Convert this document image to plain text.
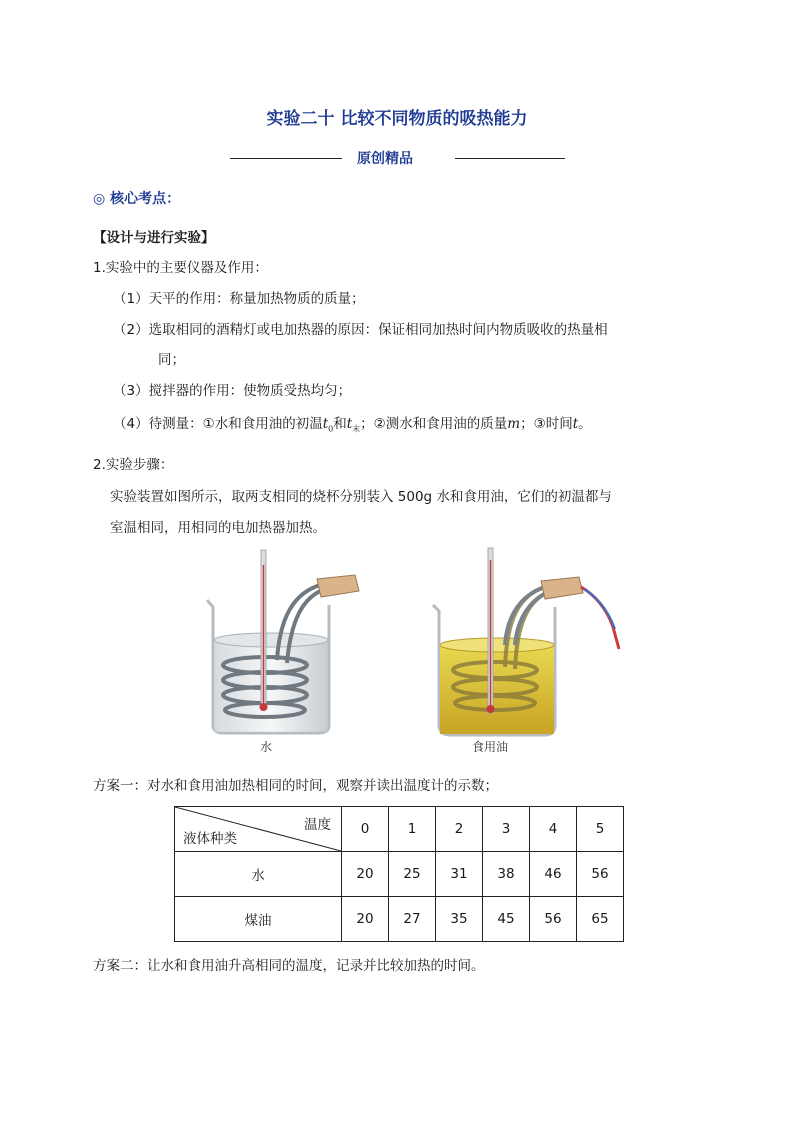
实验二十 比较不同物质的吸热能力
原创精品
◎ 核心考点：
【设计与进行实验】
1.实验中的主要仪器及作用：
（1）天平的作用：称量加热物质的质量；
（2）选取相同的酒精灯或电加热器的原因：保证相同加热时间内物质吸收的热量相
同；
（3）搅拌器的作用：使物质受热均匀；
（4）待测量：①水和食用油的初温$t_0$和$t_末$；②测水和食用油的质量m；③时间t。
2.实验步骤：
实验装置如图所示，取两支相同的烧杯分别装入 500g 水和食用油，它们的初温都与
室温相同，用相同的电加热器加热。
水	食用油
方案一：对水和食用油加热相同的时间，观察并读出温度计的示数；
温度
液体种类	0	1	2	3	4	5
水	20	25	31	38	46	56
煤油	20	27	35	45	56	65
方案二：让水和食用油升高相同的温度，记录并比较加热的时间。
